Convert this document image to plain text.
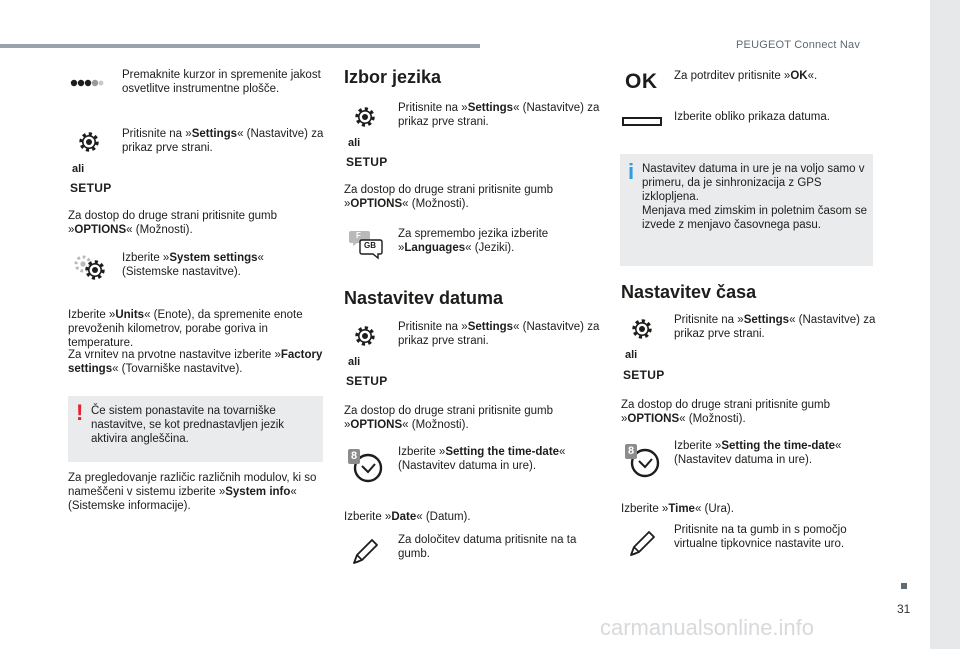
PEUGEOT Connect Nav
31
Premaknite kurzor in spremenite jakost osvetlitve instrumentne plošče.
ali
SETUP
Pritisnite na »Settings« (Nastavitve) za prikaz prve strani.
Za dostop do druge strani pritisnite gumb »OPTIONS« (Možnosti).
Izberite »System settings« (Sistemske nastavitve).
Izberite »Units« (Enote), da spremenite enote prevoženih kilometrov, porabe goriva in temperature.
Za vrnitev na prvotne nastavitve izberite »Factory settings« (Tovarniške nastavitve).
! Če sistem ponastavite na tovarniške nastavitve, se kot prednastavljen jezik aktivira angleščina.
Za pregledovanje različic različnih modulov, ki so nameščeni v sistemu izberite »System info« (Sistemske informacije).
Izbor jezika
ali
SETUP
Pritisnite na »Settings« (Nastavitve) za prikaz prve strani.
Za dostop do druge strani pritisnite gumb »OPTIONS« (Možnosti).
F
GB
Za spremembo jezika izberite »Languages« (Jeziki).
Nastavitev datuma
ali
SETUP
Pritisnite na »Settings« (Nastavitve) za prikaz prve strani.
Za dostop do druge strani pritisnite gumb »OPTIONS« (Možnosti).
8	Izberite »Setting the time-date« (Nastavitev datuma in ure).
Izberite »Date« (Datum).
Za določitev datuma pritisnite na ta gumb.
OK Za potrditev pritisnite »OK«.
Izberite obliko prikaza datuma.
i Nastavitev datuma in ure je na voljo samo v primeru, da je sinhronizacija z GPS izklopljena.
Menjava med zimskim in poletnim časom se izvede z menjavo časovnega pasu.
Nastavitev časa
ali
SETUP
Pritisnite na »Settings« (Nastavitve) za prikaz prve strani.
Za dostop do druge strani pritisnite gumb »OPTIONS« (Možnosti).
8	Izberite »Setting the time-date« (Nastavitev datuma in ure).
Izberite »Time« (Ura).
Pritisnite na ta gumb in s pomočjo virtualne tipkovnice nastavite uro.
carmanualsonline.info
